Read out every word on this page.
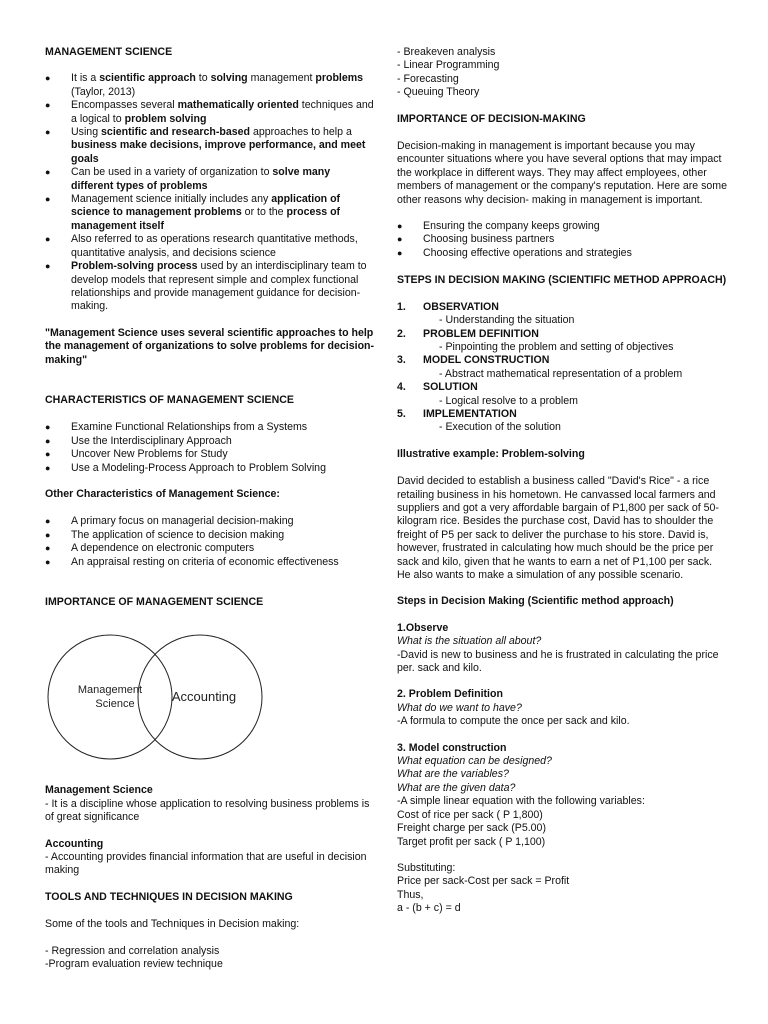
MANAGEMENT SCIENCE

● It is a scientific approach to solving management problems (Taylor, 2013)
● Encompasses several mathematically oriented techniques and a logical to problem solving
● Using scientific and research-based approaches to help a business make decisions, improve performance, and meet goals
● Can be used in a variety of organization to solve many different types of problems
● Management science initially includes any application of science to management problems or to the process of management itself
● Also referred to as operations research quantitative methods, quantitative analysis, and decisions science
● Problem-solving process used by an interdisciplinary team to develop models that represent simple and complex functional relationships and provide management guidance for decision-making.

"Management Science uses several scientific approaches to help the management of organizations to solve problems for decision-making"

CHARACTERISTICS OF MANAGEMENT SCIENCE

● Examine Functional Relationships from a Systems
● Use the Interdisciplinary Approach
● Uncover New Problems for Study
● Use a Modeling-Process Approach to Problem Solving

Other Characteristics of Management Science:

● A primary focus on managerial decision-making
● The application of science to decision making
● A dependence on electronic computers
● An appraisal resting on criteria of economic effectiveness

IMPORTANCE OF MANAGEMENT SCIENCE

Management
Science	Accounting

Management Science

- It is a discipline whose application to resolving business problems is of great significance

Accounting

- Accounting provides financial information that are useful in decision making

TOOLS AND TECHNIQUES IN DECISION MAKING

Some of the tools and Techniques in Decision making:

- Regression and correlation analysis
-Program evaluation review technique
- Breakeven analysis
- Linear Programming
- Forecasting
- Queuing Theory

IMPORTANCE OF DECISION-MAKING

Decision-making in management is important because you may encounter situations where you have several options that may impact the workplace in different ways. They may affect employees, other members of management or the company's reputation. Here are some other reasons why decision- making in management is important.

● Ensuring the company keeps growing
● Choosing business partners
● Choosing effective operations and strategies

STEPS IN DECISION MAKING (SCIENTIFIC METHOD APPROACH)

1. OBSERVATION
- Understanding the situation
2. PROBLEM DEFINITION
- Pinpointing the problem and setting of objectives
3. MODEL CONSTRUCTION
- Abstract mathematical representation of a problem
4. SOLUTION
- Logical resolve to a problem
5. IMPLEMENTATION
- Execution of the solution

Illustrative example: Problem-solving

David decided to establish a business called "David's Rice" - a rice retailing business in his hometown. He canvassed local farmers and suppliers and got a very affordable bargain of P1,800 per sack of 50-kilogram rice. Besides the purchase cost, David has to shoulder the freight of P5 per sack to deliver the purchase to his store. David is, however, frustrated in calculating how much should be the price per sack and kilo, given that he wants to earn a net of P1,100 per sack. He also wants to make a simulation of any possible scenario.

Steps in Decision Making (Scientific method approach)

1.Observe

What is the situation all about?

-David is new to business and he is frustrated in calculating the price per. sack and kilo.

2. Problem Definition

What do we want to have?

-A formula to compute the once per sack and kilo.

3. Model construction

What equation can be designed?

What are the variables?

What are the given data?

-A simple linear equation with the following variables:
Cost of rice per sack ( P 1,800)
Freight charge per sack (P5.00)
Target profit per sack ( P 1,100)
Substituting:
Price per sack-Cost per sack = Profit
Thus,
a - (b + c) = d
